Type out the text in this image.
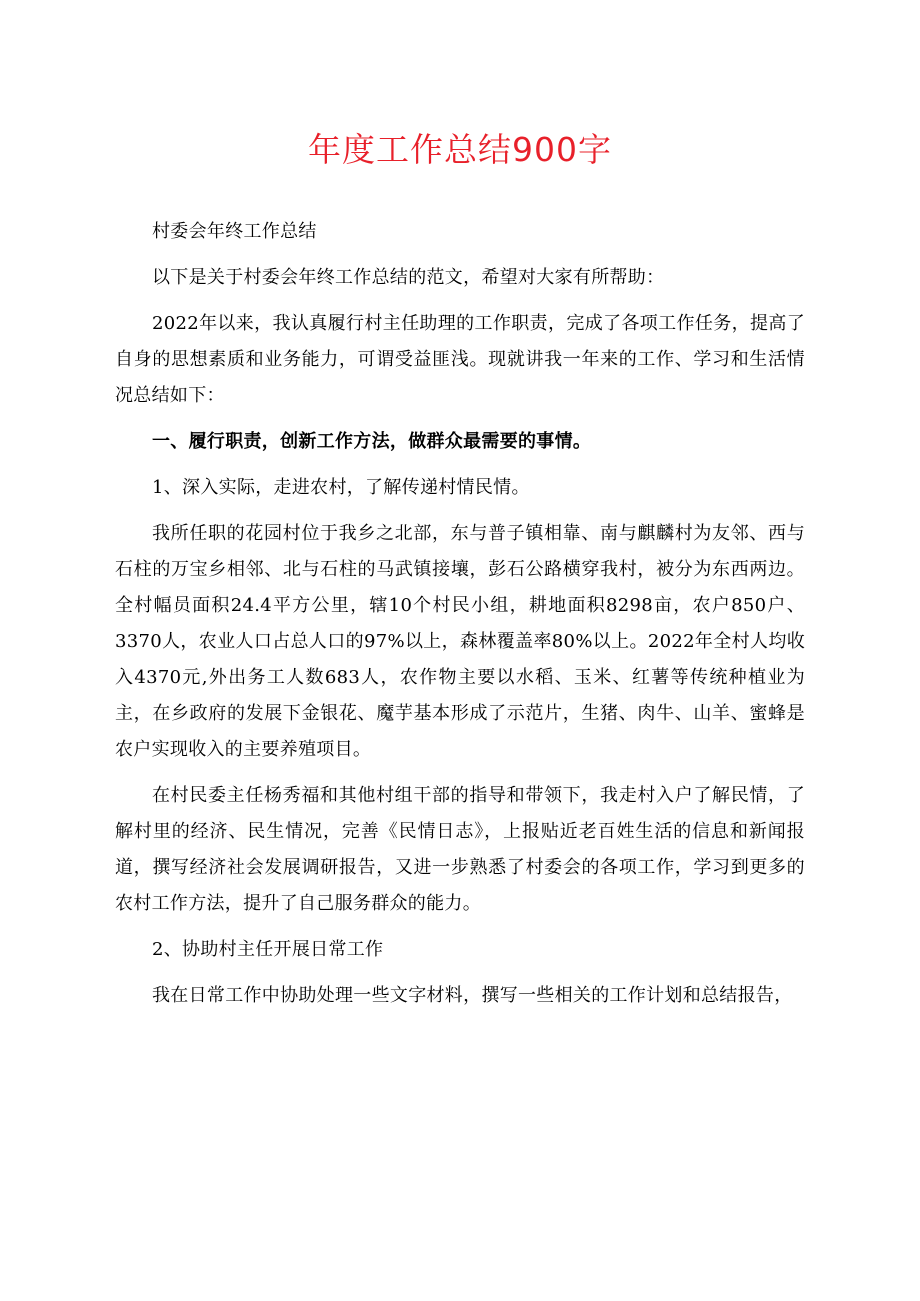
年度工作总结900字

村委会年终工作总结

以下是关于村委会年终工作总结的范文，希望对大家有所帮助：

2022年以来，我认真履行村主任助理的工作职责，完成了各项工作任务，提高了自身的思想素质和业务能力，可谓受益匪浅。现就讲我一年来的工作、学习和生活情况总结如下：

一、履行职责，创新工作方法，做群众最需要的事情。

1、深入实际，走进农村，了解传递村情民情。

我所任职的花园村位于我乡之北部，东与普子镇相靠、南与麒麟村为友邻、西与石柱的万宝乡相邻、北与石柱的马武镇接壤，彭石公路横穿我村，被分为东西两边。全村幅员面积24.4平方公里，辖10个村民小组，耕地面积8298亩，农户850户、3370人，农业人口占总人口的97%以上，森林覆盖率80%以上。2022年全村人均收入4370元,外出务工人数683人，农作物主要以水稻、玉米、红薯等传统种植业为主，在乡政府的发展下金银花、魔芋基本形成了示范片，生猪、肉牛、山羊、蜜蜂是农户实现收入的主要养殖项目。

在村民委主任杨秀福和其他村组干部的指导和带领下，我走村入户了解民情，了解村里的经济、民生情况，完善《民情日志》，上报贴近老百姓生活的信息和新闻报道，撰写经济社会发展调研报告，又进一步熟悉了村委会的各项工作，学习到更多的农村工作方法，提升了自己服务群众的能力。

2、协助村主任开展日常工作

我在日常工作中协助处理一些文字材料，撰写一些相关的工作计划和总结报告，
